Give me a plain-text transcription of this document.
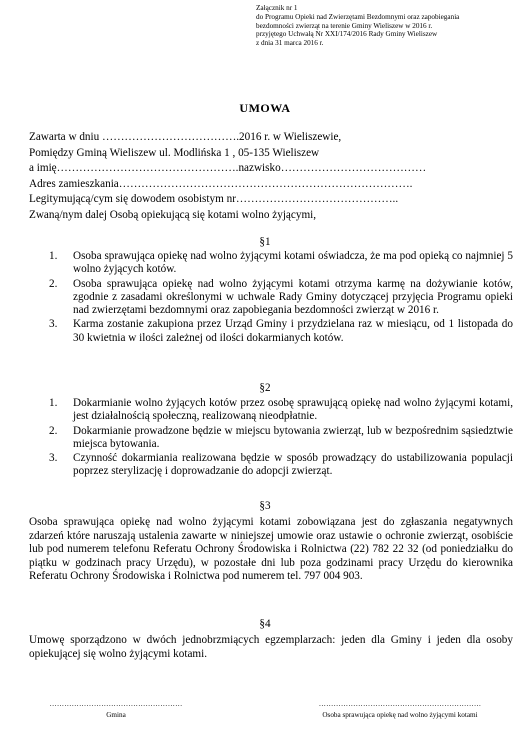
Załącznik nr 1
do Programu Opieki nad Zwierzętami Bezdomnymi oraz zapobiegania
bezdomności zwierząt na terenie Gminy Wieliszew w 2016 r.
przyjętego Uchwałą Nr XXI/174/2016 Rady Gminy Wieliszew
z dnia 31 marca 2016 r.
UMOWA
Zawarta w dniu ……………………………….2016 r. w Wieliszewie,
Pomiędzy Gminą Wieliszew ul. Modlińska 1 , 05-135 Wieliszew
a imię………………………………………….nazwisko…………………………………
Adres zamieszkania…………………………………………………………………….
Legitymującą/cym się dowodem osobistym nr……………………………………..
Zwaną/nym dalej Osobą opiekującą się kotami wolno żyjącymi,
§1
1.	Osoba sprawująca opiekę nad wolno żyjącymi kotami oświadcza, że ma pod opieką co najmniej 5 wolno żyjących kotów.
2.	Osoba sprawująca opiekę nad wolno żyjącymi kotami otrzyma karmę na dożywianie kotów, zgodnie z zasadami określonymi w uchwale Rady Gminy dotyczącej przyjęcia Programu opieki nad zwierzętami bezdomnymi oraz zapobiegania bezdomności zwierząt w 2016 r.
3.	Karma zostanie zakupiona przez Urząd Gminy i przydzielana raz w miesiącu, od 1 listopada do 30 kwietnia w ilości zależnej od ilości dokarmianych kotów.
§2
1.	Dokarmianie wolno żyjących kotów przez osobę sprawującą opiekę nad wolno żyjącymi kotami, jest działalnością społeczną, realizowaną nieodpłatnie.
2.	Dokarmianie prowadzone będzie w miejscu bytowania zwierząt, lub w bezpośrednim sąsiedztwie miejsca bytowania.
3.	Czynność dokarmiania realizowana będzie w sposób prowadzący do ustabilizowania populacji poprzez sterylizację i doprowadzanie do adopcji zwierząt.
§3
Osoba sprawująca opiekę nad wolno żyjącymi kotami zobowiązana jest do zgłaszania negatywnych zdarzeń które naruszają ustalenia zawarte w niniejszej umowie oraz ustawie o ochronie zwierząt, osobiście lub pod numerem telefonu Referatu Ochrony Środowiska i Rolnictwa (22) 782 22 32 (od poniedziałku do piątku w godzinach pracy Urzędu), w pozostałe dni lub poza godzinami pracy Urzędu do kierownika Referatu Ochrony Środowiska i Rolnictwa pod numerem tel. 797 004 903.
§4
Umowę sporządzono w dwóch jednobrzmiących egzemplarzach: jeden dla Gminy i jeden dla osoby opiekującej się wolno żyjącymi kotami.
………………………………………………
Gmina
…………………………………………………………
Osoba sprawująca opiekę nad wolno żyjącymi kotami
